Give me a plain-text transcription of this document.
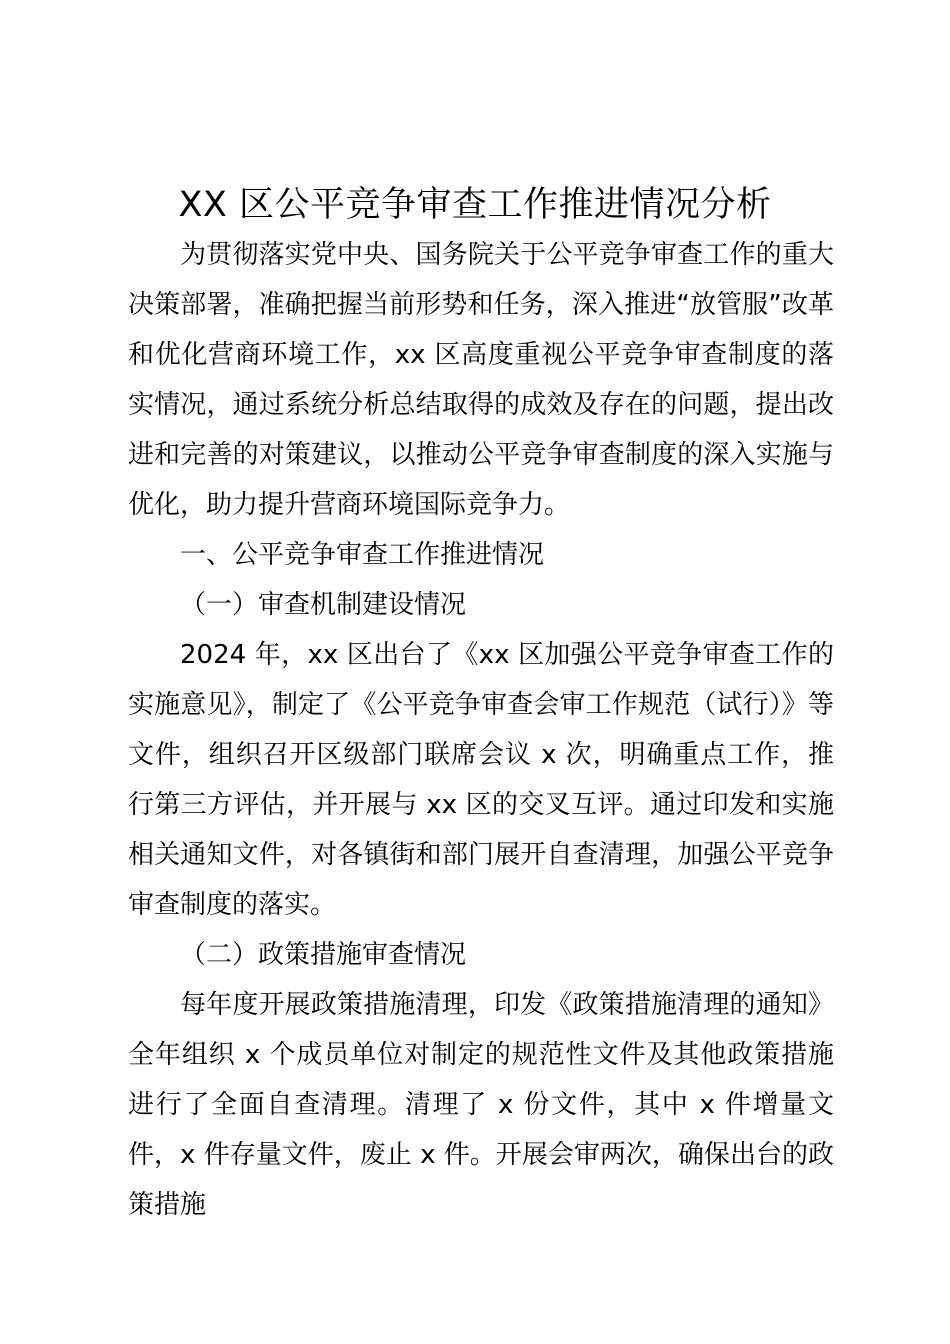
XX 区公平竞争审查工作推进情况分析

为贯彻落实党中央、国务院关于公平竞争审查工作的重大决策部署，准确把握当前形势和任务，深入推进“放管服”改革和优化营商环境工作，xx 区高度重视公平竞争审查制度的落实情况，通过系统分析总结取得的成效及存在的问题，提出改进和完善的对策建议，以推动公平竞争审查制度的深入实施与优化，助力提升营商环境国际竞争力。

一、公平竞争审查工作推进情况

（一）审查机制建设情况

2024 年，xx 区出台了《xx 区加强公平竞争审查工作的实施意见》，制定了《公平竞争审查会审工作规范（试行）》等文件，组织召开区级部门联席会议 x 次，明确重点工作，推行第三方评估，并开展与 xx 区的交叉互评。通过印发和实施相关通知文件，对各镇街和部门展开自查清理，加强公平竞争审查制度的落实。

（二）政策措施审查情况

每年度开展政策措施清理，印发《政策措施清理的通知》全年组织 x 个成员单位对制定的规范性文件及其他政策措施进行了全面自查清理。清理了 x 份文件，其中 x 件增量文件，x 件存量文件，废止 x 件。开展会审两次，确保出台的政策措施
